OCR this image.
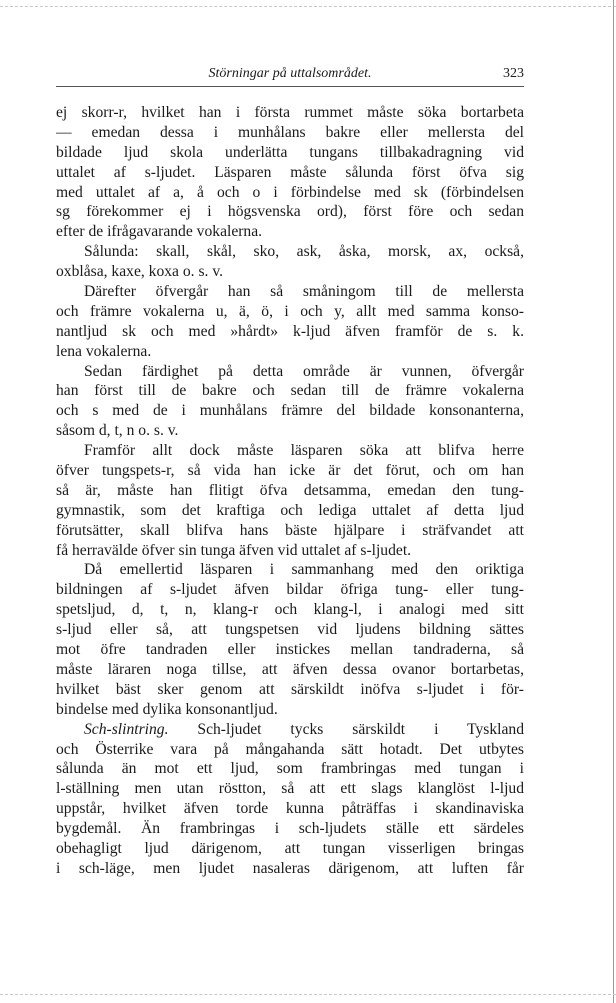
Störningar på uttalsområdet.	323
ej skorr-r, hvilket han i första rummet måste söka bortarbeta
— emedan dessa i munhålans bakre eller mellersta del
bildade ljud skola underlätta tungans tillbakadragning vid
uttalet af s-ljudet. Läsparen måste sålunda först öfva sig
med uttalet af a, å och o i förbindelse med sk (förbindelsen
sg förekommer ej i högsvenska ord), först före och sedan
efter de ifrågavarande vokalerna.
Sålunda: skall, skål, sko, ask, åska, morsk, ax, också,
oxblåsa, kaxe, koxa o. s. v.
Därefter öfvergår han så småningom till de mellersta
och främre vokalerna u, ä, ö, i och y, allt med samma konso-
nantljud sk och med »hårdt» k-ljud äfven framför de s. k.
lena vokalerna.
Sedan färdighet på detta område är vunnen, öfvergår
han först till de bakre och sedan till de främre vokalerna
och s med de i munhålans främre del bildade konsonanterna,
såsom d, t, n o. s. v.
Framför allt dock måste läsparen söka att blifva herre
öfver tungspets-r, så vida han icke är det förut, och om han
så är, måste han flitigt öfva detsamma, emedan den tung-
gymnastik, som det kraftiga och lediga uttalet af detta ljud
förutsätter, skall blifva hans bäste hjälpare i sträfvandet att
få herravälde öfver sin tunga äfven vid uttalet af s-ljudet.
Då emellertid läsparen i sammanhang med den oriktiga
bildningen af s-ljudet äfven bildar öfriga tung- eller tung-
spetsljud, d, t, n, klang-r och klang-l, i analogi med sitt
s-ljud eller så, att tungspetsen vid ljudens bildning sättes
mot öfre tandraden eller instickes mellan tandraderna, så
måste läraren noga tillse, att äfven dessa ovanor bortarbetas,
hvilket bäst sker genom att särskildt inöfva s-ljudet i för-
bindelse med dylika konsonantljud.
Sch-slintring. Sch-ljudet tycks särskildt i Tyskland
och Österrike vara på mångahanda sätt hotadt. Det utbytes
sålunda än mot ett ljud, som frambringas med tungan i
l-ställning men utan röstton, så att ett slags klanglöst l-ljud
uppstår, hvilket äfven torde kunna påträffas i skandinaviska
bygdemål. Än frambringas i sch-ljudets ställe ett särdeles
obehagligt ljud därigenom, att tungan visserligen bringas
i sch-läge, men ljudet nasaleras därigenom, att luften får
